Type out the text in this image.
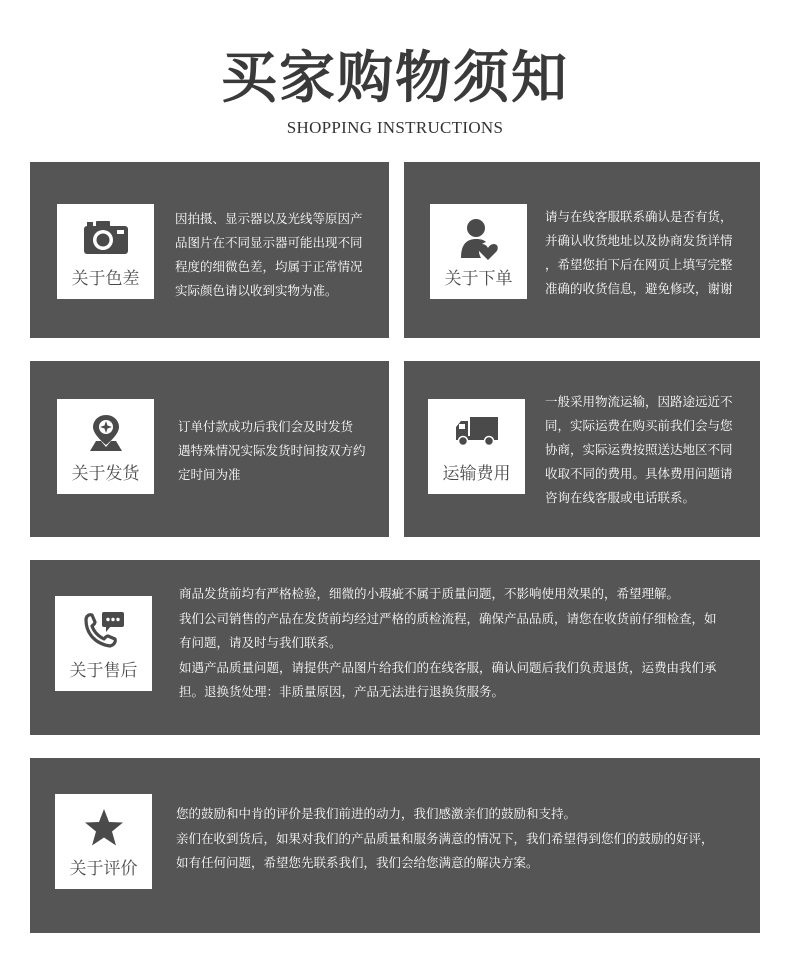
买家购物须知
SHOPPING INSTRUCTIONS
关于色差

因拍摄、显示器以及光线等原因产
品图片在不同显示器可能出现不同
程度的细微色差，均属于正常情况
实际颜色请以收到实物为准。

关于下单

请与在线客服联系确认是否有货，
并确认收货地址以及协商发货详情
，希望您拍下后在网页上填写完整
准确的收货信息，避免修改，谢谢

关于发货

订单付款成功后我们会及时发货
遇特殊情况实际发货时间按双方约
定时间为准	运输费用

一般采用物流运输，因路途远近不
同，实际运费在购买前我们会与您
协商，实际运费按照送达地区不同
收取不同的费用。具体费用问题请
咨询在线客服或电话联系。

关于售后

商品发货前均有严格检验，细微的小瑕疵不属于质量问题，不影响使用效果的，希望理解。
我们公司销售的产品在发货前均经过严格的质检流程，确保产品品质，请您在收货前仔细检查，如
有问题，请及时与我们联系。
如遇产品质量问题，请提供产品图片给我们的在线客服，确认问题后我们负责退货，运费由我们承
担。退换货处理：非质量原因，产品无法进行退换货服务。

关于评价

您的鼓励和中肯的评价是我们前进的动力，我们感激亲们的鼓励和支持。
亲们在收到货后，如果对我们的产品质量和服务满意的情况下，我们希望得到您们的鼓励的好评，
如有任何问题，希望您先联系我们，我们会给您满意的解决方案。
